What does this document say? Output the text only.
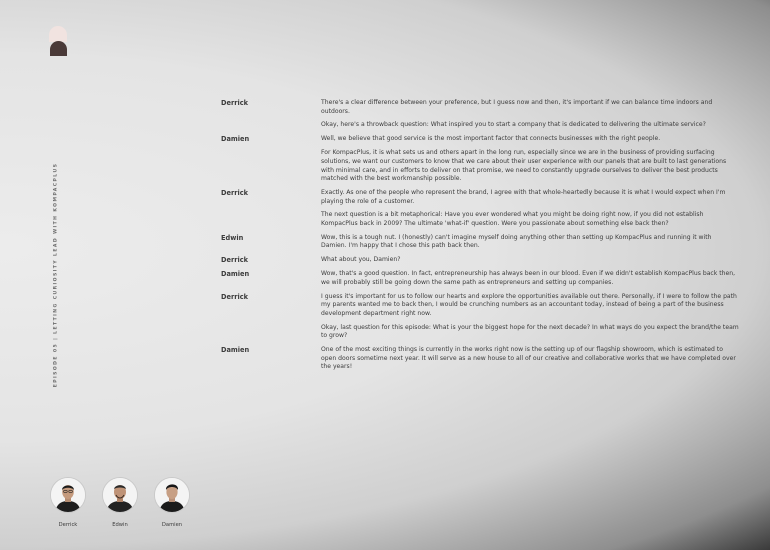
EPISODE 05 | LETTING CURIOSITY LEAD WITH KOMPACPLUS
Derrick	There's a clear difference between your preference, but I guess now and then, it's important if we can balance time indoors and outdoors.
Okay, here's a throwback question: What inspired you to start a company that is dedicated to delivering the ultimate service?
Damien	Well, we believe that good service is the most important factor that connects businesses with the right people.
For KompacPlus, it is what sets us and others apart in the long run, especially since we are in the business of providing surfacing solutions, we want our customers to know that we care about their user experience with our panels that are built to last generations with minimal care, and in efforts to deliver on that promise, we need to constantly upgrade ourselves to deliver the best products matched with the best workmanship possible.
Derrick	Exactly. As one of the people who represent the brand, I agree with that whole-heartedly because it is what I would expect when I'm playing the role of a customer.
The next question is a bit metaphorical: Have you ever wondered what you might be doing right now, if you did not establish KompacPlus back in 2009? The ultimate 'what-if' question. Were you passionate about something else back then?
Edwin	Wow, this is a tough nut. I (honestly) can't imagine myself doing anything other than setting up KompacPlus and running it with Damien. I'm happy that I chose this path back then.
Derrick	What about you, Damien?
Damien	Wow, that's a good question. In fact, entrepreneurship has always been in our blood. Even if we didn't establish KompacPlus back then, we will probably still be going down the same path as entrepreneurs and setting up companies.
Derrick	I guess it's important for us to follow our hearts and explore the opportunities available out there. Personally, if I were to follow the path my parents wanted me to back then, I would be crunching numbers as an accountant today, instead of being a part of the business development department right now.
Okay, last question for this episode: What is your the biggest hope for the next decade? In what ways do you expect the brand/the team to grow?
Damien	One of the most exciting things is currently in the works right now is the setting up of our flagship showroom, which is estimated to open doors sometime next year. It will serve as a new house to all of our creative and collaborative works that we have completed over the years!
Derrick	Edwin	Damien
